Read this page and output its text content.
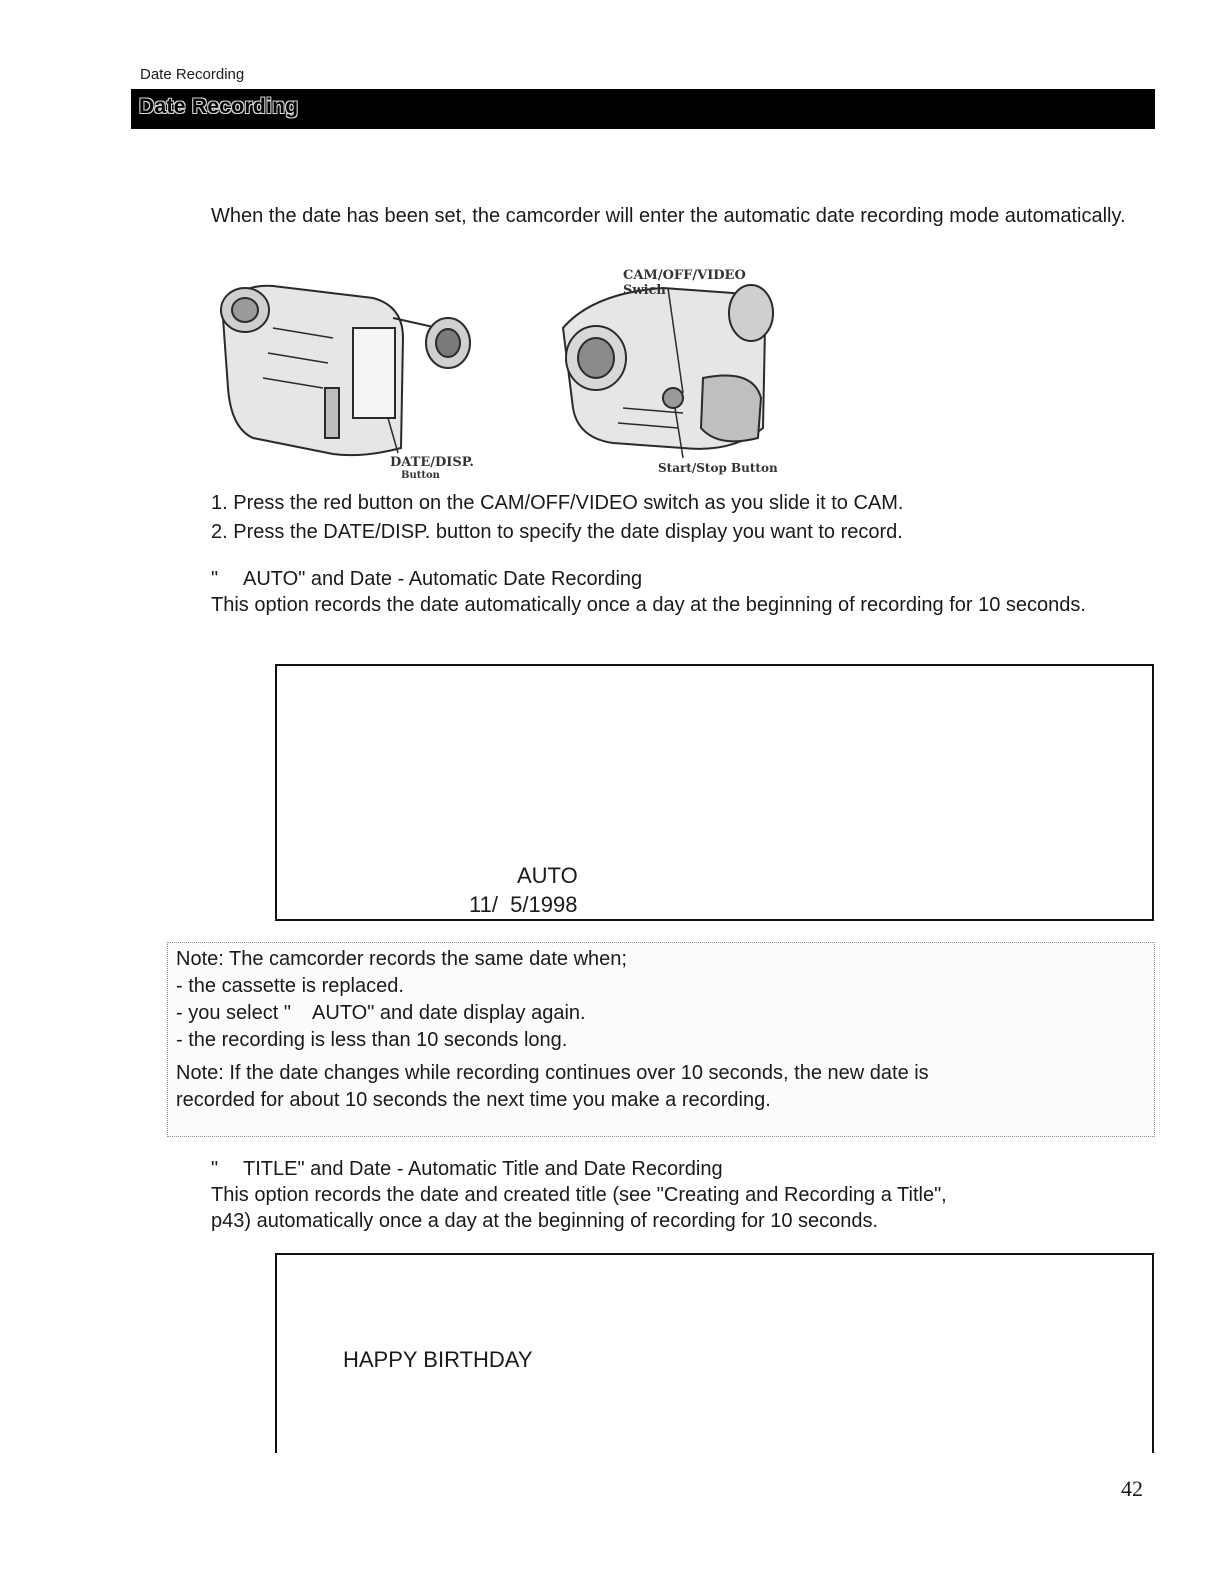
Date Recording
Date Recording
When the date has been set, the camcorder will enter the automatic date recording mode automatically.
CAM/OFF/VIDEO Swich
DATE/DISP.
Button
Start/Stop Button
1. Press the red button on the CAM/OFF/VIDEO switch as you slide it to CAM.
2. Press the DATE/DISP. button to specify the date display you want to record.
" AUTO" and Date - Automatic Date Recording
This option records the date automatically once a day at the beginning of recording for 10 seconds.
AUTO
11/  5/1998
Note: The camcorder records the same date when;
- the cassette is replaced.
- you select "    AUTO" and date display again.
- the recording is less than 10 seconds long.
Note: If the date changes while recording continues over 10 seconds, the new date is
recorded for about 10 seconds the next time you make a recording.
" TITLE" and Date - Automatic Title and Date Recording
This option records the date and created title (see "Creating and Recording a Title",
p43) automatically once a day at the beginning of recording for 10 seconds.
HAPPY BIRTHDAY
42
